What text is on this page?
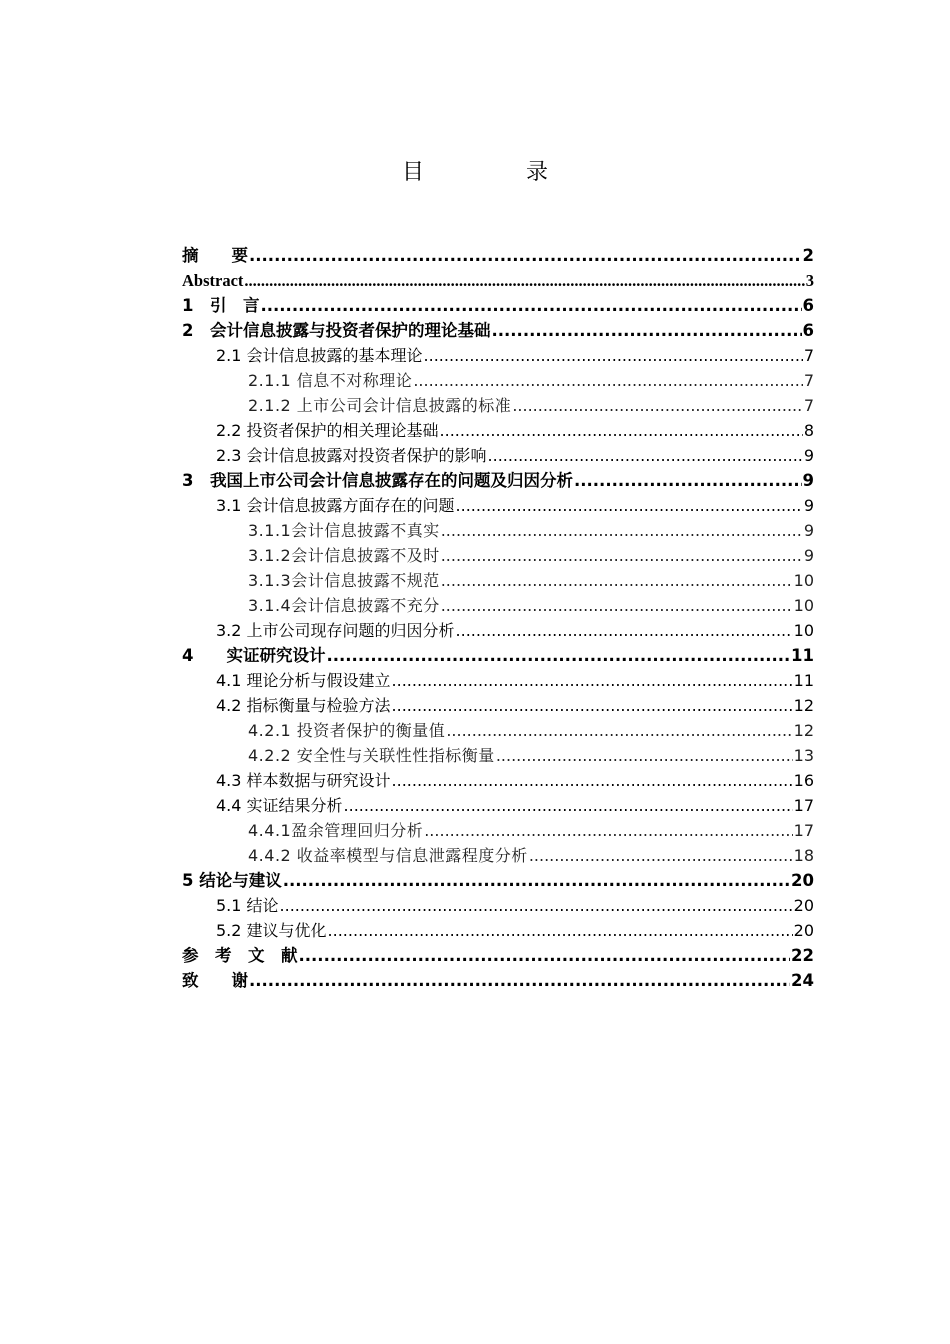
目　录
摘　　要 .....	2
Abstract .....	3
1　引　言 .....	6
2　会计信息披露与投资者保护的理论基础 .....	6
2.1 会计信息披露的基本理论 .....	7
2.1.1 信息不对称理论 .....	7
2.1.2 上市公司会计信息披露的标准 .....	7
2.2 投资者保护的相关理论基础 .....	8
2.3 会计信息披露对投资者保护的影响 .....	9
3　我国上市公司会计信息披露存在的问题及归因分析 .....	9
3.1 会计信息披露方面存在的问题 .....	9
3.1.1会计信息披露不真实 .....	9
3.1.2会计信息披露不及时 .....	9
3.1.3会计信息披露不规范 .....	10
3.1.4会计信息披露不充分 .....	10
3.2 上市公司现存问题的归因分析 .....	10
4　　实证研究设计 .....	11
4.1 理论分析与假设建立 .....	11
4.2 指标衡量与检验方法 .....	12
4.2.1 投资者保护的衡量值 .....	12
4.2.2 安全性与关联性性指标衡量 .....	13
4.3 样本数据与研究设计 .....	16
4.4 实证结果分析 .....	17
4.4.1盈余管理回归分析 .....	17
4.4.2 收益率模型与信息泄露程度分析 .....	18
5 结论与建议 .....	20
5.1 结论 .....	20
5.2 建议与优化 .....	20
参　考　文　献 .....	22
致　　谢 .....	24
